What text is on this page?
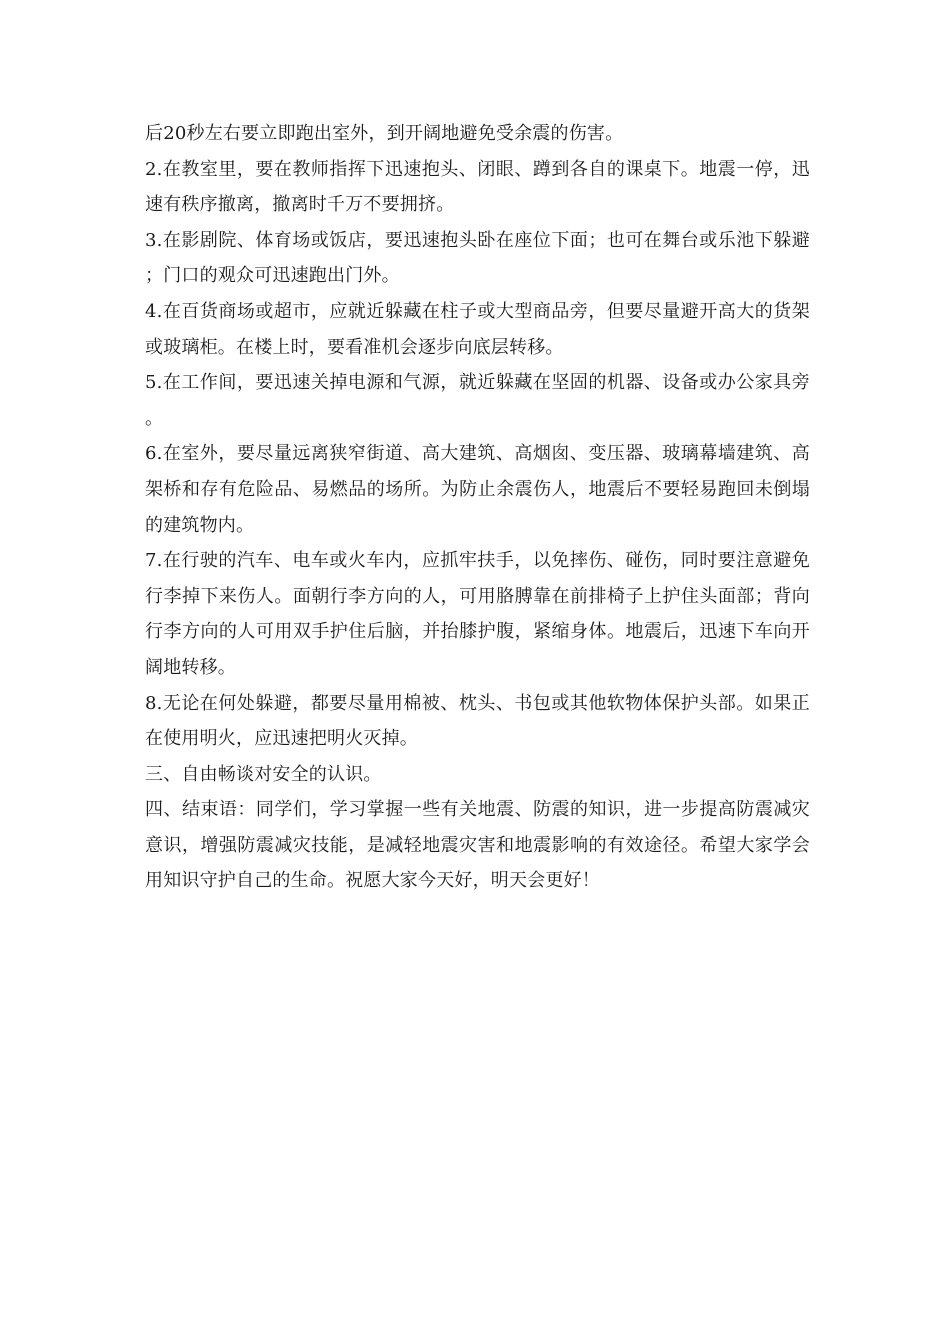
后20秒左右要立即跑出室外，到开阔地避免受余震的伤害。

2.在教室里，要在教师指挥下迅速抱头、闭眼、蹲到各自的课桌下。地震一停，迅速有秩序撤离，撤离时千万不要拥挤。

3.在影剧院、体育场或饭店，要迅速抱头卧在座位下面；也可在舞台或乐池下躲避；门口的观众可迅速跑出门外。

4.在百货商场或超市，应就近躲藏在柱子或大型商品旁，但要尽量避开高大的货架或玻璃柜。在楼上时，要看准机会逐步向底层转移。

5.在工作间，要迅速关掉电源和气源，就近躲藏在坚固的机器、设备或办公家具旁。

6.在室外，要尽量远离狭窄街道、高大建筑、高烟囱、变压器、玻璃幕墙建筑、高架桥和存有危险品、易燃品的场所。为防止余震伤人，地震后不要轻易跑回未倒塌的建筑物内。

7.在行驶的汽车、电车或火车内，应抓牢扶手，以免摔伤、碰伤，同时要注意避免行李掉下来伤人。面朝行李方向的人，可用胳膊靠在前排椅子上护住头面部；背向行李方向的人可用双手护住后脑，并抬膝护腹，紧缩身体。地震后，迅速下车向开阔地转移。

8.无论在何处躲避，都要尽量用棉被、枕头、书包或其他软物体保护头部。如果正在使用明火，应迅速把明火灭掉。

三、自由畅谈对安全的认识。

四、结束语：同学们，学习掌握一些有关地震、防震的知识，进一步提高防震减灾意识，增强防震减灾技能，是减轻地震灾害和地震影响的有效途径。希望大家学会用知识守护自己的生命。祝愿大家今天好，明天会更好！
